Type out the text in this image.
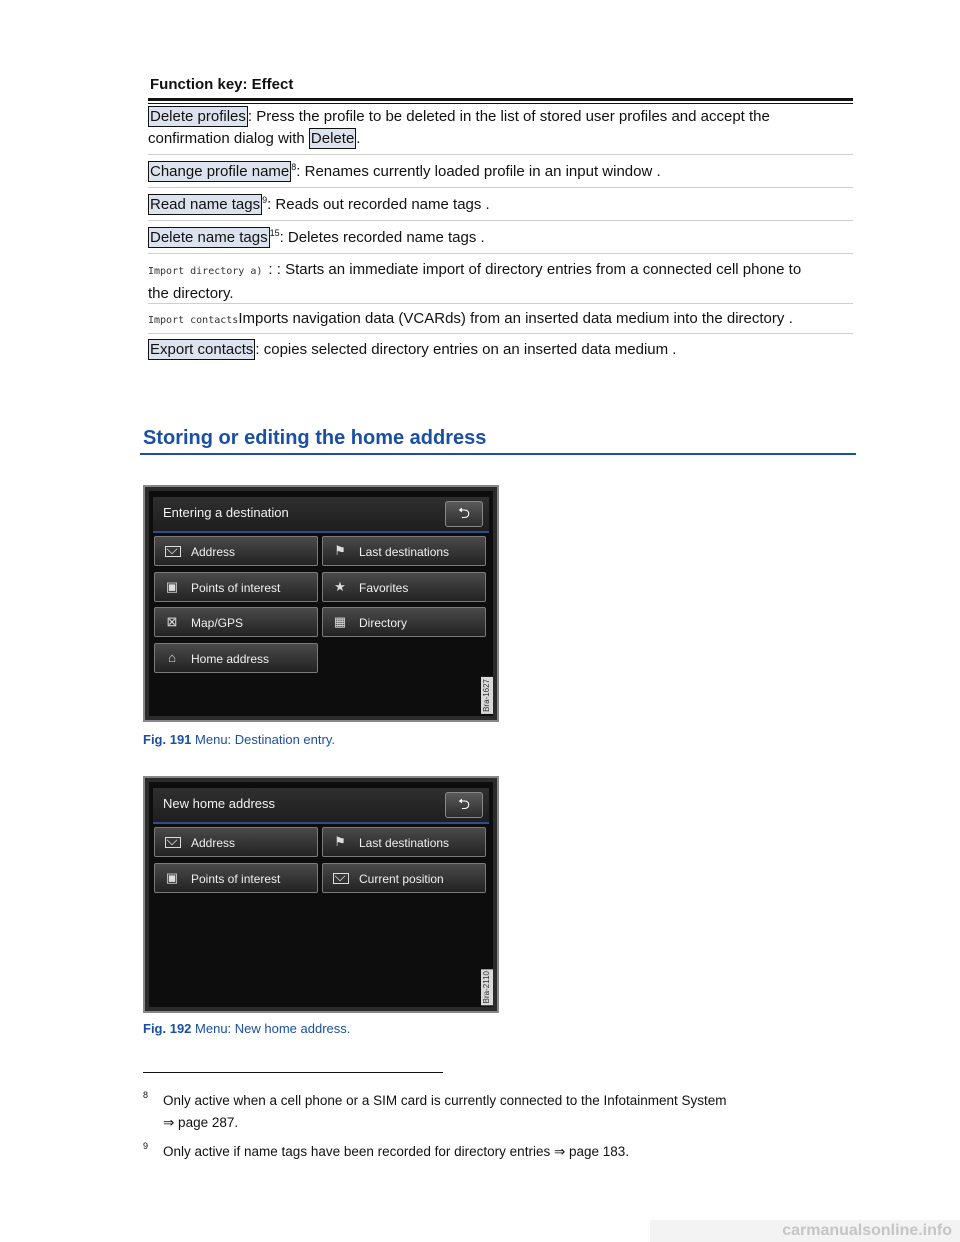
Function key: Effect
Delete profiles : Press the profile to be deleted in the list of stored user profiles and accept the
confirmation dialog with Delete .
Change profile name $^8$: Renames currently loaded profile in an input window .
Read name tags $^9$: Reads out recorded name tags .
Delete name tags $^{15}$: Deletes recorded name tags .
Import directory a) : : Starts an immediate import of directory entries from a connected cell phone to
the directory.
Import contactsImports navigation data (VCARds) from an inserted data medium into the directory .
Export contacts : copies selected directory entries on an inserted data medium .
Storing or editing the home address
Entering a destination	⮌
Address	⚑	Last destinations
▣	Points of interest	★	Favorites
⊠	Map/GPS	▦	Directory
⌂	Home address
Bra-1627
Fig. 191 Menu: Destination entry.
New home address	⮌
Address	⚑	Last destinations
▣	Points of interest	Current position
Bra-2110
Fig. 192 Menu: New home address.
8 Only active when a cell phone or a SIM card is currently connected to the Infotainment System
⇒ page 287.
9 Only active if name tags have been recorded for directory entries ⇒ page 183.
carmanualsonline.info
